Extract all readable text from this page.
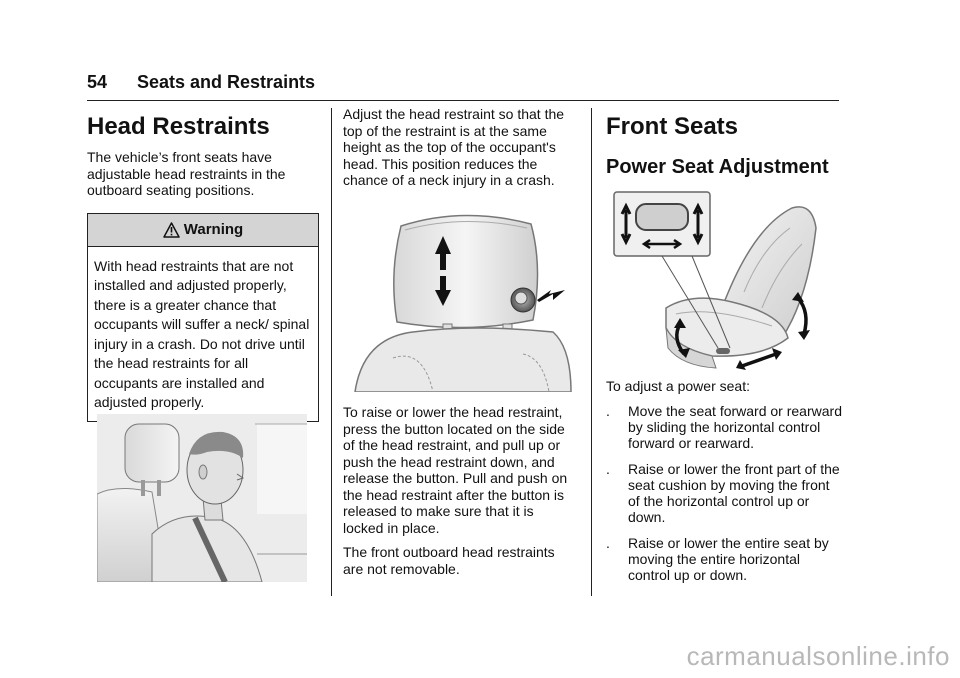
54 Seats and Restraints
Head Restraints

The vehicle’s front seats have adjustable head restraints in the outboard seating positions.

Warning
With head restraints that are not installed and adjusted properly, there is a greater chance that occupants will suffer a neck/ spinal injury in a crash. Do not drive until the head restraints for all occupants are installed and adjusted properly.

Adjust the head restraint so that the top of the restraint is at the same height as the top of the occupant's head. This position reduces the chance of a neck injury in a crash.

To raise or lower the head restraint, press the button located on the side of the head restraint, and pull up or push the head restraint down, and release the button. Pull and push on the head restraint after the button is released to make sure that it is locked in place.

The front outboard head restraints are not removable.

Front Seats
Power Seat Adjustment

To adjust a power seat:

. Move the seat forward or rearward by sliding the horizontal control forward or rearward.
. Raise or lower the front part of the seat cushion by moving the front of the horizontal control up or down.
. Raise or lower the entire seat by moving the entire horizontal control up or down.
carmanualsonline.info
